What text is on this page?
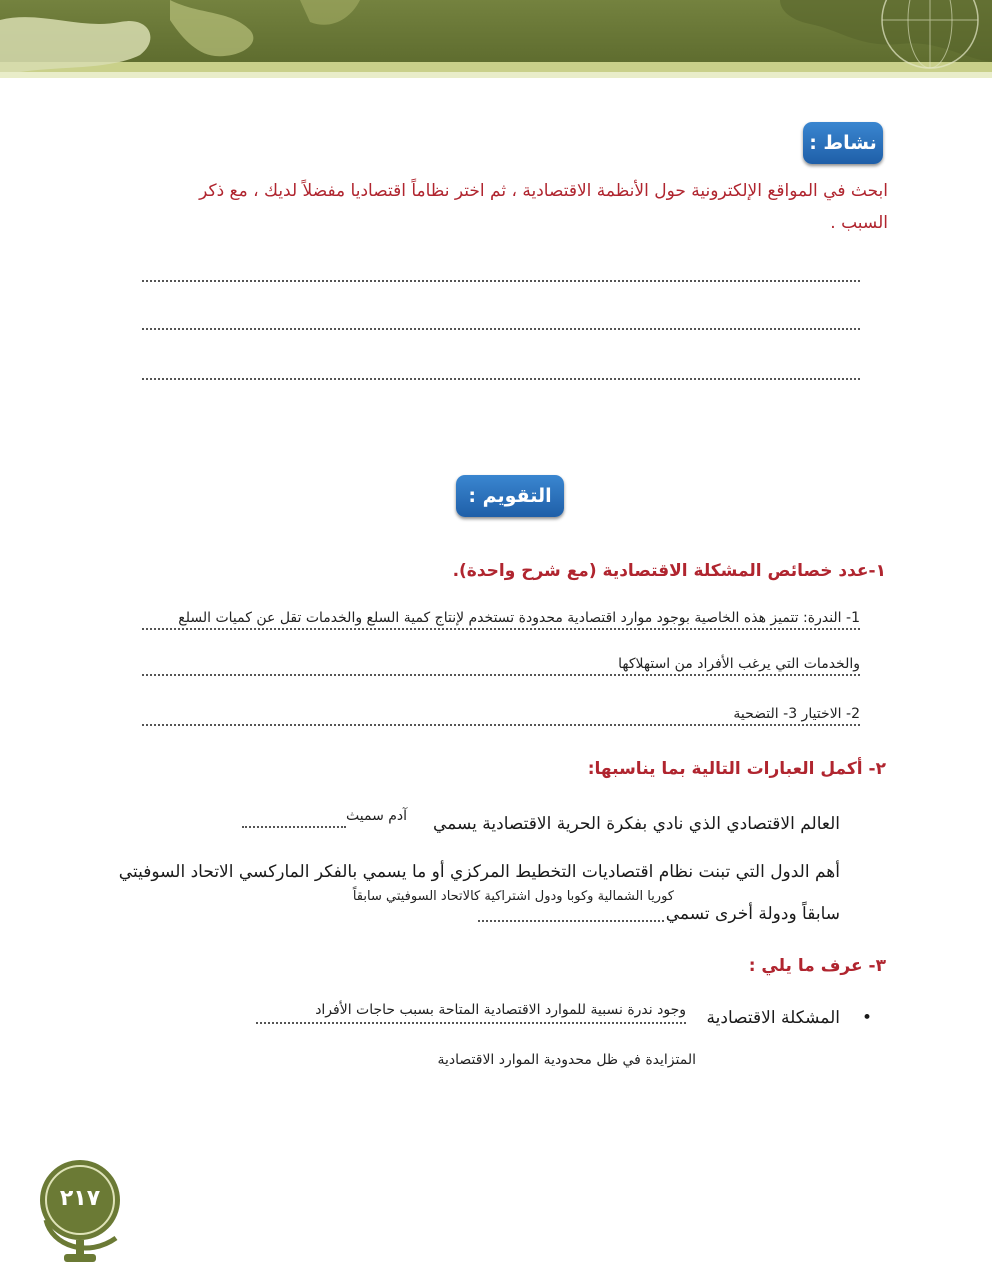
نشاط :
ابحث في المواقع الإلكترونية حول الأنظمة الاقتصادية ، ثم اختر نظاماً اقتصاديا مفضلاً لديك ، مع ذكر
السبب .
التقويم :
١-عدد خصائص المشكلة الاقتصادية (مع شرح واحدة).
1- الندرة: تتميز هذه الخاصية بوجود موارد اقتصادية محدودة تستخدم لإنتاج كمية السلع والخدمات تقل عن كميات السلع
والخدمات التي يرغب الأفراد من استهلاكها
2- الاختيار 3- التضحية
٢- أكمل العبارات التالية بما يناسبها:
العالم الاقتصادي الذي نادي بفكرة الحرية الاقتصادية يسمي
آدم سميث
أهم الدول التي تبنت نظام اقتصاديات التخطيط المركزي أو ما يسمي بالفكر الماركسي الاتحاد السوفيتي
كوريا الشمالية وكوبا ودول اشتراكية كالاتحاد السوفيتي سابقاً
سابقاً ودولة أخرى تسمي
٣- عرف ما يلي :
•
المشكلة الاقتصادية
وجود ندرة نسبية للموارد الاقتصادية المتاحة بسبب حاجات الأفراد
المتزايدة في ظل محدودية الموارد الاقتصادية
٢١٧
